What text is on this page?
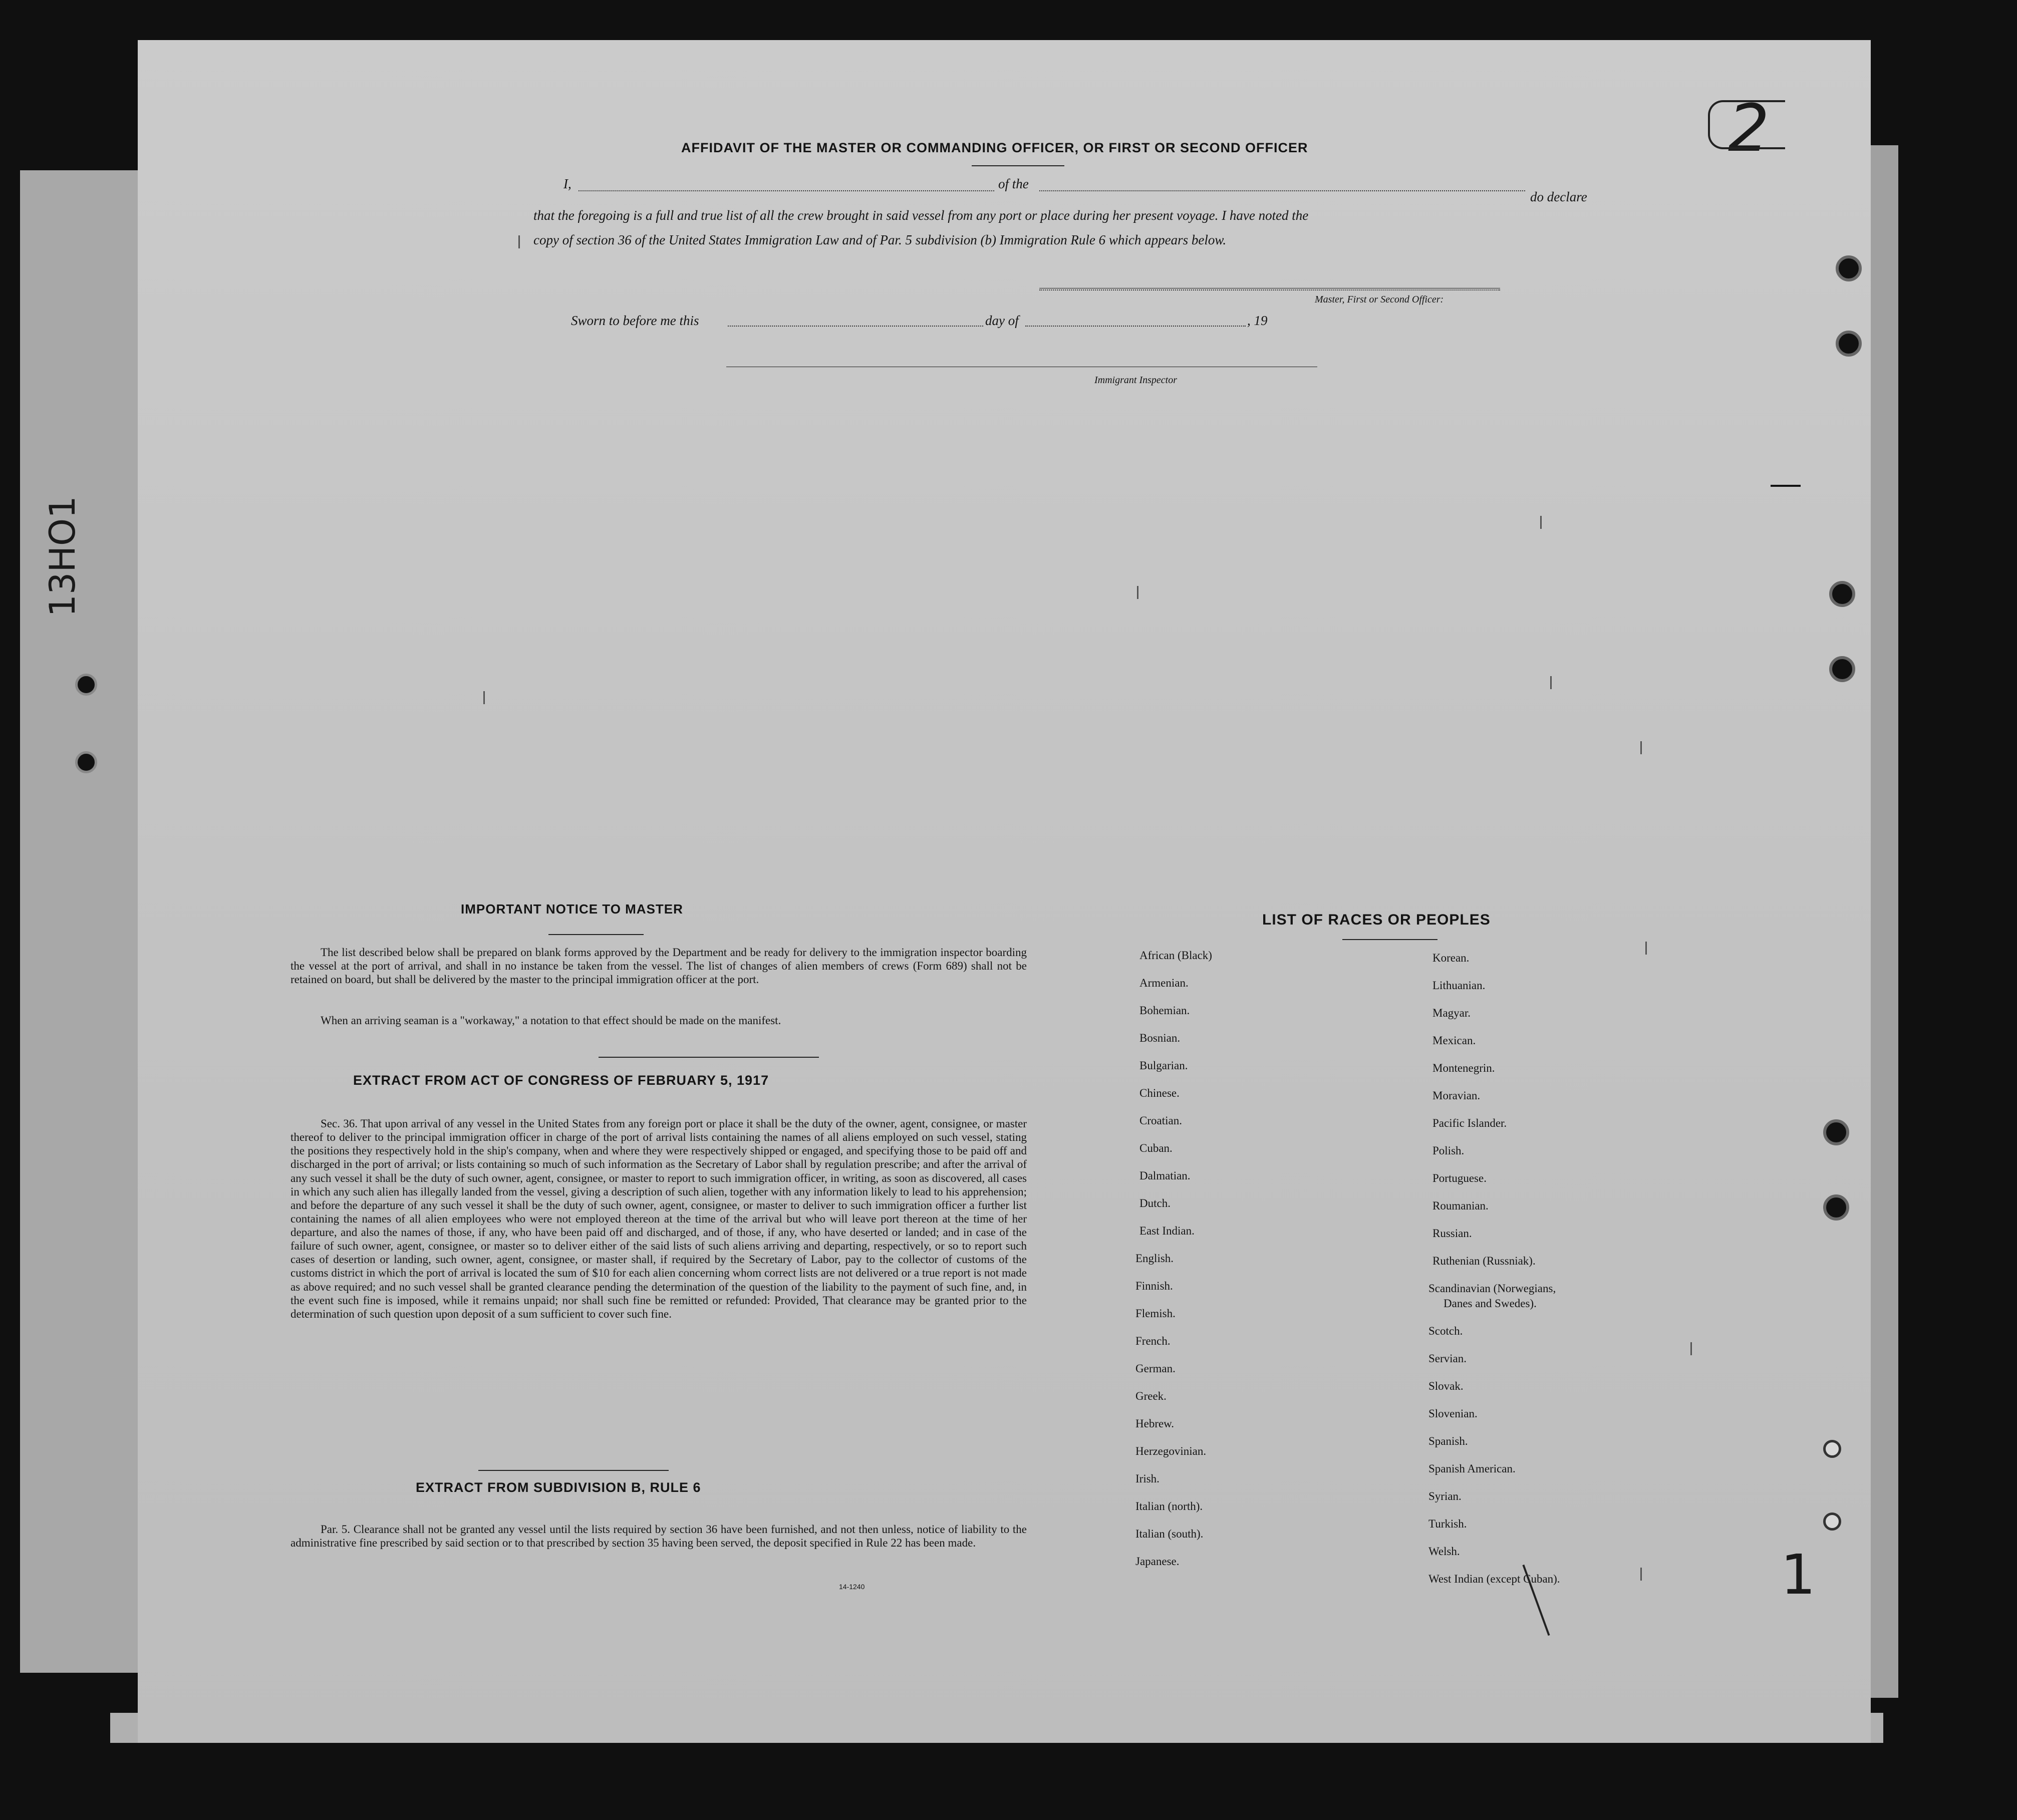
2
13HO1
AFFIDAVIT OF THE MASTER OR COMMANDING OFFICER, OR FIRST OR SECOND OFFICER
I,	of the
do declare
that the foregoing is a full and true list of all the crew brought in said vessel from any port or place during her present voyage. I have noted the
copy of section 36 of the United States Immigration Law and of Par. 5 subdivision (b) Immigration Rule 6 which appears below.
Master, First or Second Officer:
Sworn to before me this	day of	, 19
Immigrant Inspector
IMPORTANT NOTICE TO MASTER
The list described below shall be prepared on blank forms approved by the Department and be ready for delivery to the immigration inspector boarding the vessel at the port of arrival, and shall in no instance be taken from the vessel. The list of changes of alien members of crews (Form 689) shall not be retained on board, but shall be delivered by the master to the principal immigration officer at the port.
When an arriving seaman is a "workaway," a notation to that effect should be made on the manifest.
EXTRACT FROM ACT OF CONGRESS OF FEBRUARY 5, 1917
Sec. 36. That upon arrival of any vessel in the United States from any foreign port or place it shall be the duty of the owner, agent, consignee, or master thereof to deliver to the principal immigration officer in charge of the port of arrival lists containing the names of all aliens employed on such vessel, stating the positions they respectively hold in the ship's company, when and where they were respectively shipped or engaged, and specifying those to be paid off and discharged in the port of arrival; or lists containing so much of such information as the Secretary of Labor shall by regulation prescribe; and after the arrival of any such vessel it shall be the duty of such owner, agent, consignee, or master to report to such immigration officer, in writing, as soon as discovered, all cases in which any such alien has illegally landed from the vessel, giving a description of such alien, together with any information likely to lead to his apprehension; and before the departure of any such vessel it shall be the duty of such owner, agent, consignee, or master to deliver to such immigration officer a further list containing the names of all alien employees who were not employed thereon at the time of the arrival but who will leave port thereon at the time of her departure, and also the names of those, if any, who have been paid off and discharged, and of those, if any, who have deserted or landed; and in case of the failure of such owner, agent, consignee, or master so to deliver either of the said lists of such aliens arriving and departing, respectively, or so to report such cases of desertion or landing, such owner, agent, consignee, or master shall, if required by the Secretary of Labor, pay to the collector of customs of the customs district in which the port of arrival is located the sum of $10 for each alien concerning whom correct lists are not delivered or a true report is not made as above required; and no such vessel shall be granted clearance pending the determination of the question of the liability to the payment of such fine, and, in the event such fine is imposed, while it remains unpaid; nor shall such fine be remitted or refunded: Provided, That clearance may be granted prior to the determination of such question upon deposit of a sum sufficient to cover such fine.
EXTRACT FROM SUBDIVISION B, RULE 6
Par. 5. Clearance shall not be granted any vessel until the lists required by section 36 have been furnished, and not then unless, notice of liability to the administrative fine prescribed by said section or to that prescribed by section 35 having been served, the deposit specified in Rule 22 has been made.
14-1240
LIST OF RACES OR PEOPLES
African (Black)
Armenian.
Bohemian.
Bosnian.
Bulgarian.
Chinese.
Croatian.
Cuban.
Dalmatian.
Dutch.
East Indian.
English.
Finnish.
Flemish.
French.
German.
Greek.
Hebrew.
Herzegovinian.
Irish.
Italian (north).
Italian (south).
Japanese.
Korean.
Lithuanian.
Magyar.
Mexican.
Montenegrin.
Moravian.
Pacific Islander.
Polish.
Portuguese.
Roumanian.
Russian.
Ruthenian (Russniak).
Scandinavian (Norwegians,
Danes and Swedes).
Scotch.
Servian.
Slovak.
Slovenian.
Spanish.
Spanish American.
Syrian.
Turkish.
Welsh.
West Indian (except Cuban).	1
